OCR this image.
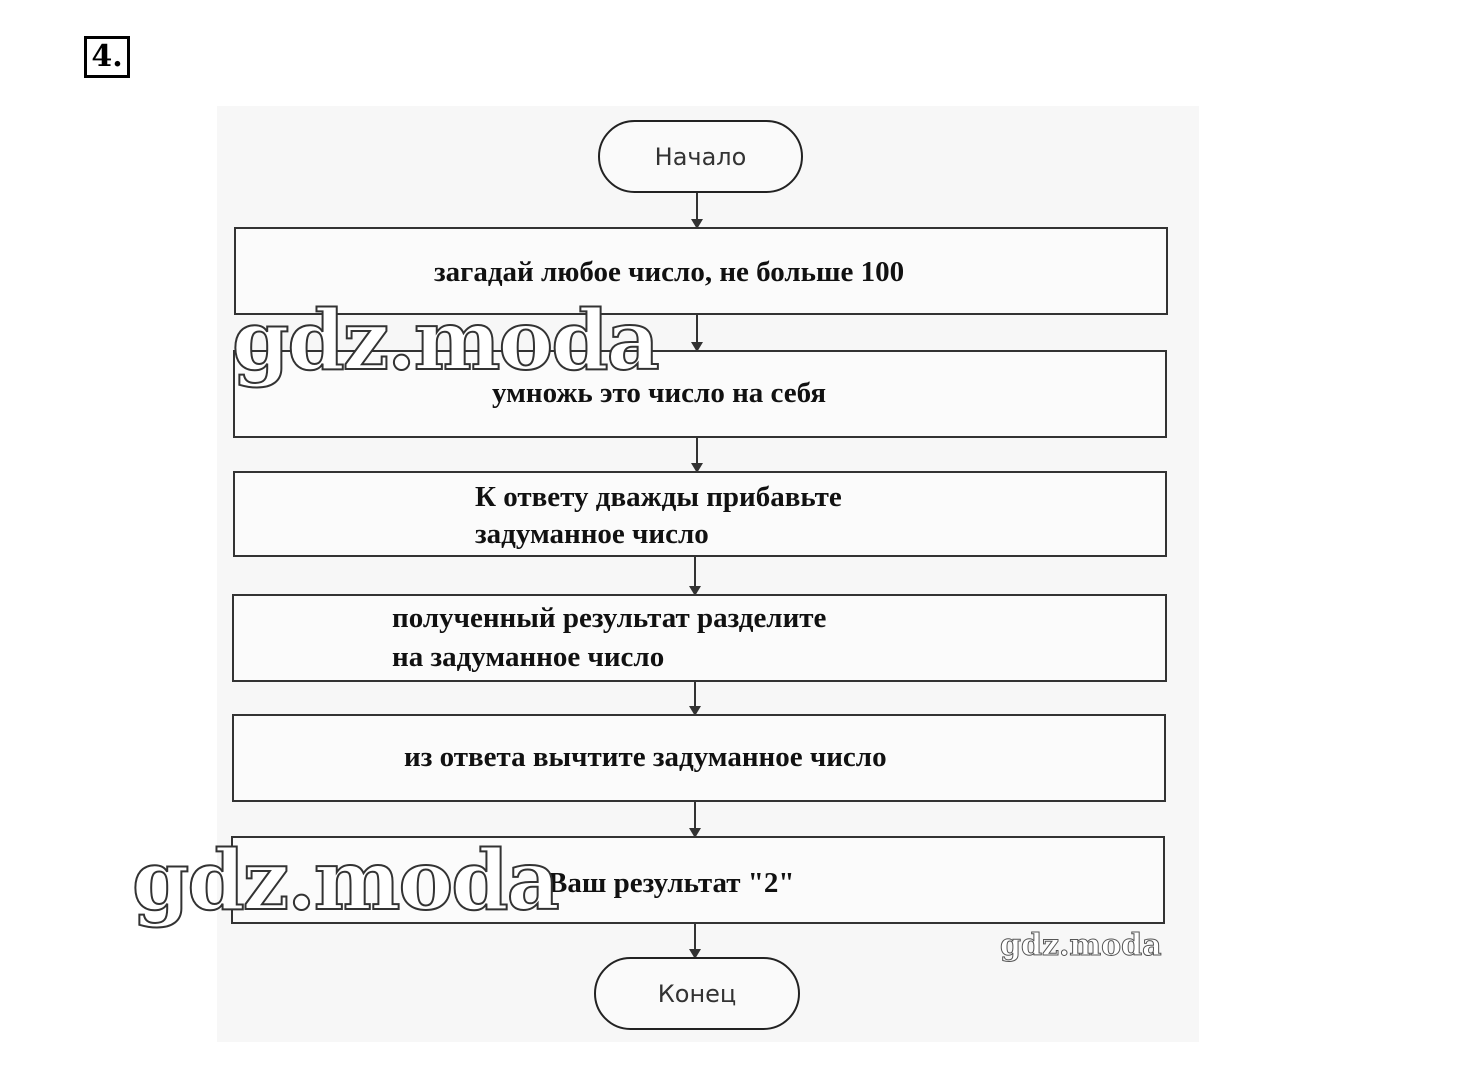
4.
Начало
загадай любое число, не больше 100
умножь это число на себя
К ответу дважды прибавьте
задуманное число
полученный результат разделите
на задуманное число
из ответа вычтите задуманное число
Ваш результат "2"
Конец
gdz.moda
gdz.moda
gdz.moda
